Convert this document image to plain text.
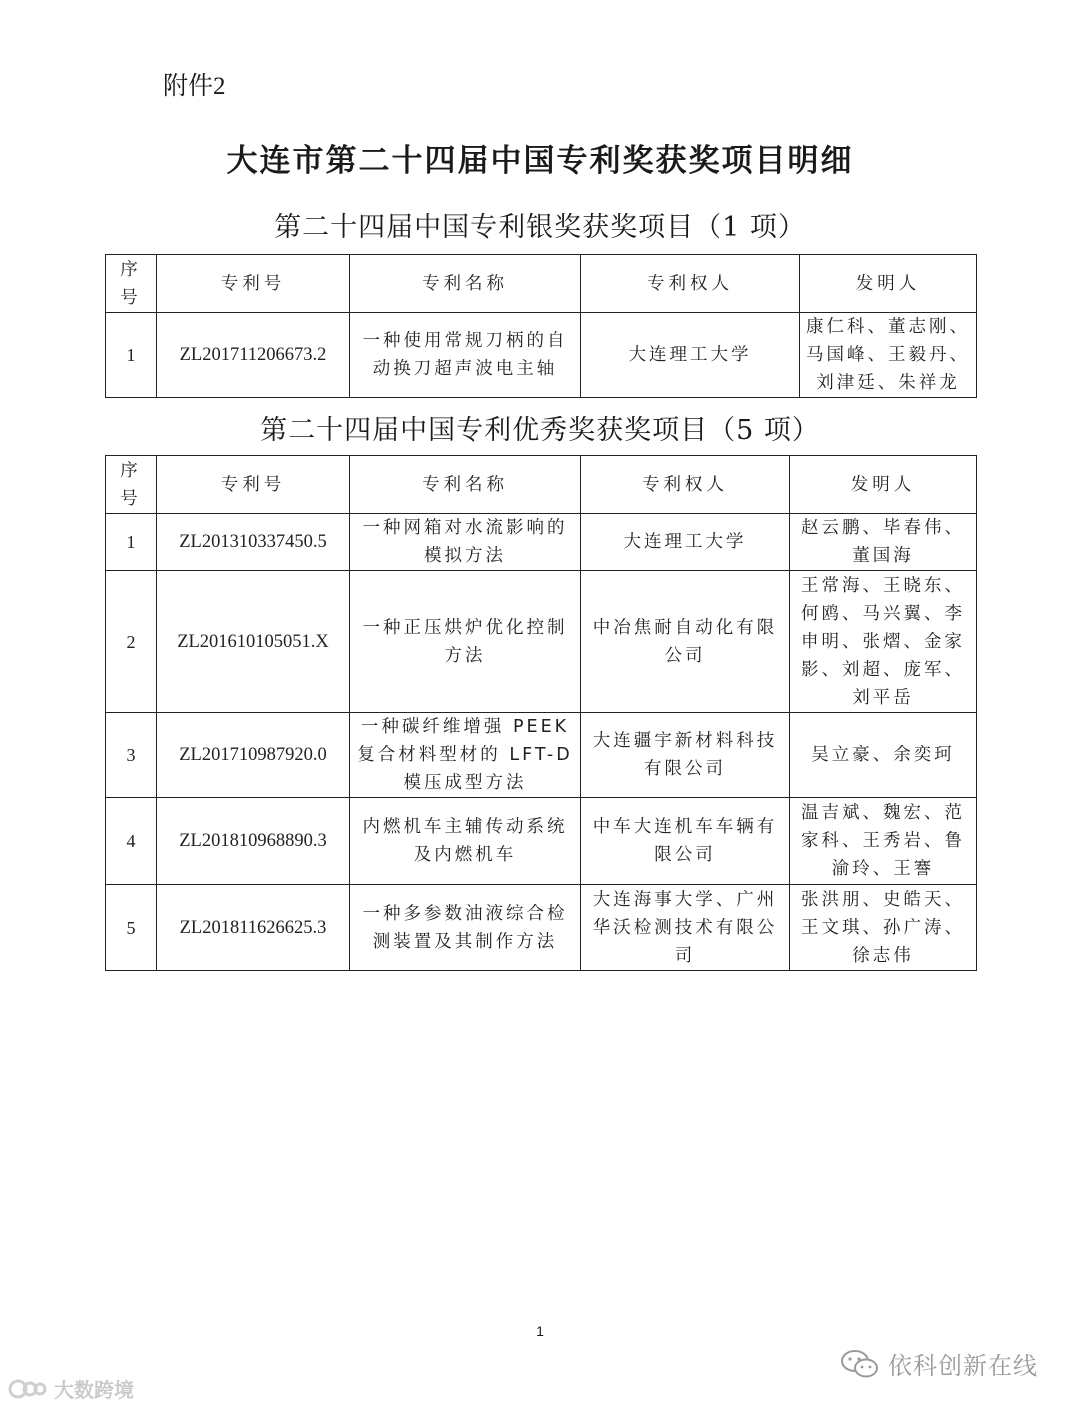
附件2
大连市第二十四届中国专利奖获奖项目明细
第二十四届中国专利银奖获奖项目（1 项）
序号	专利号	专利名称	专利权人	发明人
1	ZL201711206673.2	一种使用常规刀柄的自动换刀超声波电主轴	大连理工大学	康仁科、董志刚、马国峰、王毅丹、刘津廷、朱祥龙
第二十四届中国专利优秀奖获奖项目（5 项）
序号	专利号	专利名称	专利权人	发明人
1	ZL201310337450.5	一种网箱对水流影响的模拟方法	大连理工大学	赵云鹏、毕春伟、董国海
2	ZL201610105051.X	一种正压烘炉优化控制方法	中冶焦耐自动化有限公司	王常海、王晓东、何鸥、马兴翼、李申明、张熠、金家影、刘超、庞军、刘平岳
3	ZL201710987920.0	一种碳纤维增强 PEEK 复合材料型材的 LFT-D 模压成型方法	大连疆宇新材料科技有限公司	吴立豪、余奕珂
4	ZL201810968890.3	内燃机车主辅传动系统及内燃机车	中车大连机车车辆有限公司	温吉斌、魏宏、范家科、王秀岩、鲁渝玲、王謇
5	ZL201811626625.3	一种多参数油液综合检测装置及其制作方法	大连海事大学、广州华沃检测技术有限公司	张洪朋、史皓天、王文琪、孙广涛、徐志伟
1
大数跨境
依科创新在线
